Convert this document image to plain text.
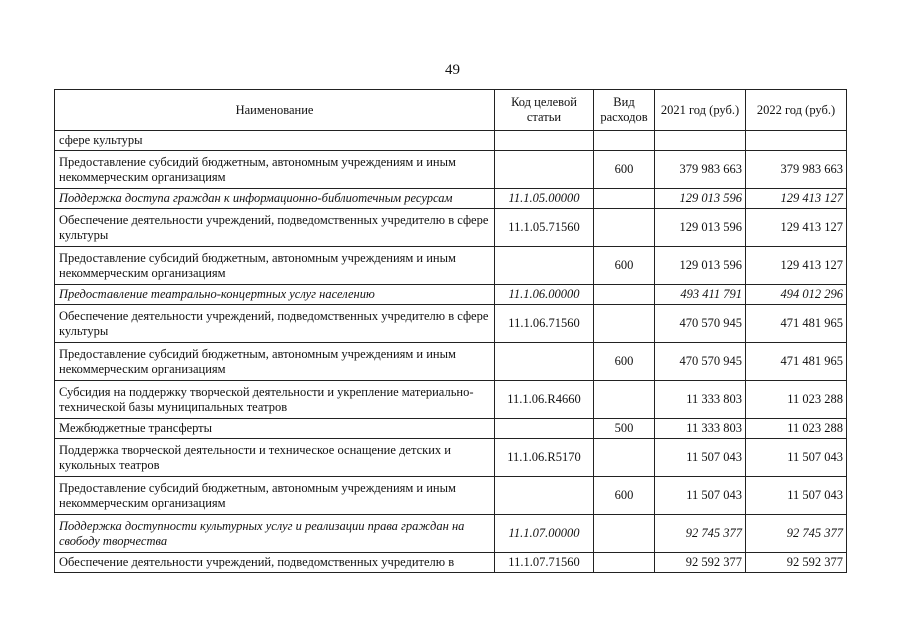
49
Наименование	Код целевой статьи	Вид расходов	2021 год (руб.)	2022 год (руб.)
сфере культуры				
Предоставление субсидий бюджетным, автономным учреждениям и иным некоммерческим организациям		600	379 983 663	379 983 663
Поддержка доступа граждан к информационно-библиотечным ресурсам	11.1.05.00000		129 013 596	129 413 127
Обеспечение деятельности учреждений, подведомственных учредителю в сфере культуры	11.1.05.71560		129 013 596	129 413 127
Предоставление субсидий бюджетным, автономным учреждениям и иным некоммерческим организациям		600	129 013 596	129 413 127
Предоставление театрально-концертных услуг населению	11.1.06.00000		493 411 791	494 012 296
Обеспечение деятельности учреждений, подведомственных учредителю в сфере культуры	11.1.06.71560		470 570 945	471 481 965
Предоставление субсидий бюджетным, автономным учреждениям и иным некоммерческим организациям		600	470 570 945	471 481 965
Субсидия на поддержку творческой деятельности и укрепление материально-технической базы муниципальных театров	11.1.06.R4660		11 333 803	11 023 288
Межбюджетные трансферты		500	11 333 803	11 023 288
Поддержка творческой деятельности и техническое оснащение детских и кукольных театров	11.1.06.R5170		11 507 043	11 507 043
Предоставление субсидий бюджетным, автономным учреждениям и иным некоммерческим организациям		600	11 507 043	11 507 043
Поддержка доступности культурных услуг и реализации права граждан на свободу творчества	11.1.07.00000		92 745 377	92 745 377
Обеспечение деятельности учреждений, подведомственных учредителю в	11.1.07.71560		92 592 377	92 592 377
